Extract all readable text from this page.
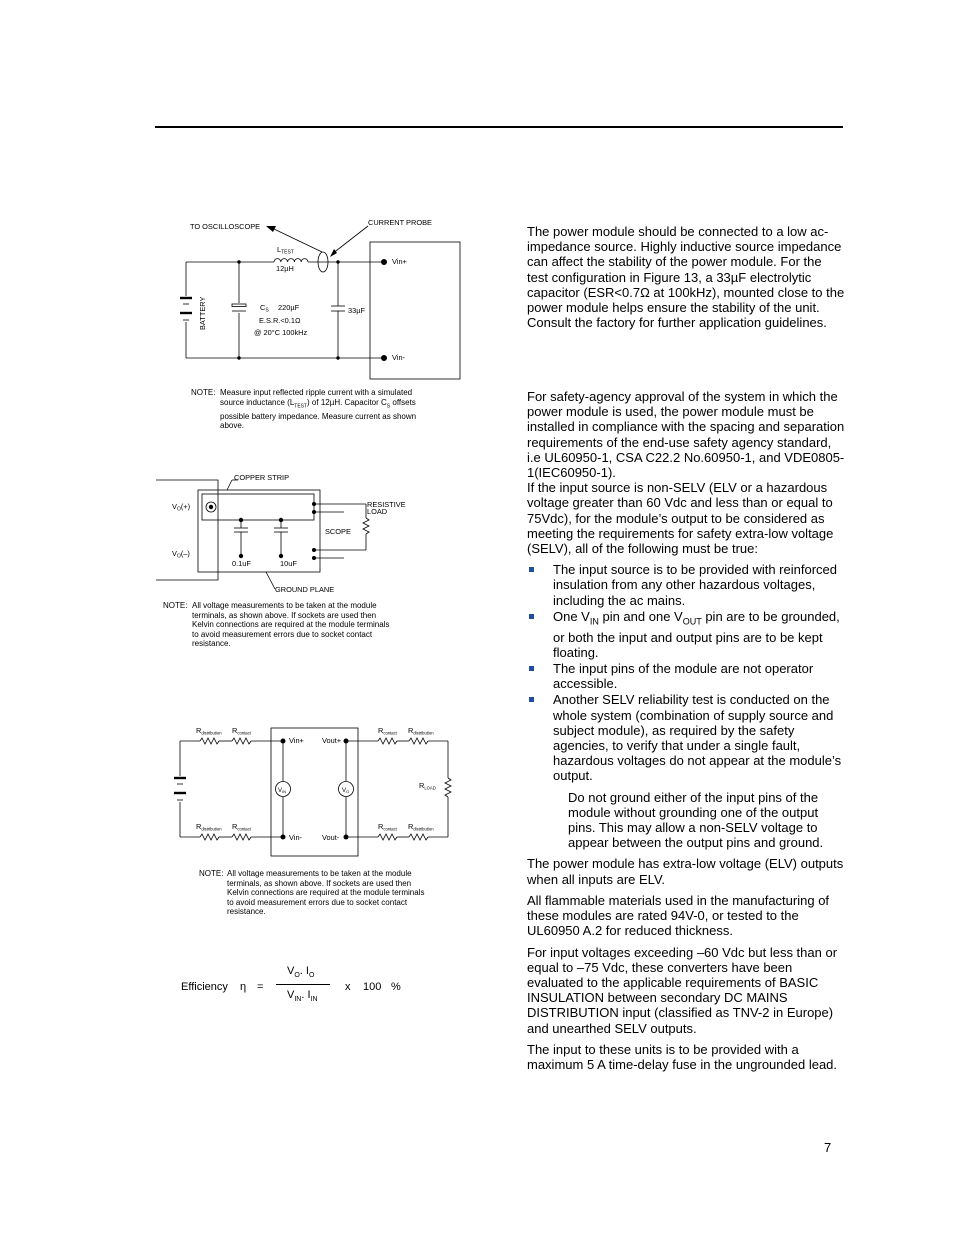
TO OSCILLOSCOPE	CURRENT PROBE
$L_{TEST}$
12µH
BATTERY	$C_S$ 220µF
E.S.R.<0.1Ω
@ 20°C 100kHz
33µF
Vin+
Vin-
NOTE: Measure input reflected ripple current with a simulated
source inductance $(L_{TEST})$ of 12µH. Capacitor $C_S$ offsets
possible battery impedance. Measure current as shown
above.
COPPER STRIP
$V_O(+)$
$V_O(-)$
RESISTIVE
LOAD
SCOPE
0.1uF	10uF
GROUND PLANE
NOTE: All voltage measurements to be taken at the module
terminals, as shown above. If sockets are used then
Kelvin connections are required at the module terminals
to avoid measurement errors due to socket contact
resistance.
$R_{distribution}$ $R_{contact}$
$R_{distribution}$ $R_{contact}$
$R_{contact}$ $R_{distribution}$
$R_{contact}$ $R_{distribution}$
$R_{LOAD}$
Vin+
Vin-
Vout+
Vout-
VIN	VO
NOTE: All voltage measurements to be taken at the module
terminals, as shown above. If sockets are used then
Kelvin connections are required at the module terminals
to avoid measurement errors due to socket contact
resistance.
Efficiency η =
$V_O$. $I_O$
$V_{IN}$. $I_{IN}$
x 100 %

The power module should be connected to a low ac-impedance source. Highly inductive source impedance can affect the stability of the power module. For the test configuration in Figure 13, a 33µF electrolytic capacitor (ESR<0.7Ω at 100kHz), mounted close to the power module helps ensure the stability of the unit. Consult the factory for further application guidelines.

For safety-agency approval of the system in which the power module is used, the power module must be installed in compliance with the spacing and separation requirements of the end-use safety agency standard, i.e UL60950-1, CSA C22.2 No.60950-1, and VDE0805-1(IEC60950-1).

If the input source is non-SELV (ELV or a hazardous voltage greater than 60 Vdc and less than or equal to 75Vdc), for the module’s output to be considered as meeting the requirements for safety extra-low voltage (SELV), all of the following must be true:

The input source is to be provided with reinforced insulation from any other hazardous voltages, including the ac mains.
One $V_{IN}$ pin and one $V_{OUT}$ pin are to be grounded, or both the input and output pins are to be kept floating.
The input pins of the module are not operator accessible.
Another SELV reliability test is conducted on the whole system (combination of supply source and subject module), as required by the safety agencies, to verify that under a single fault, hazardous voltages do not appear at the module’s output.

Do not ground either of the input pins of the module without grounding one of the output pins. This may allow a non-SELV voltage to appear between the output pins and ground.

The power module has extra-low voltage (ELV) outputs when all inputs are ELV.

All flammable materials used in the manufacturing of these modules are rated 94V-0, or tested to the UL60950 A.2 for reduced thickness.

For input voltages exceeding –60 Vdc but less than or equal to –75 Vdc, these converters have been evaluated to the applicable requirements of BASIC INSULATION between secondary DC MAINS DISTRIBUTION input (classified as TNV-2 in Europe) and unearthed SELV outputs.

The input to these units is to be provided with a maximum 5 A time-delay fuse in the ungrounded lead.

7
